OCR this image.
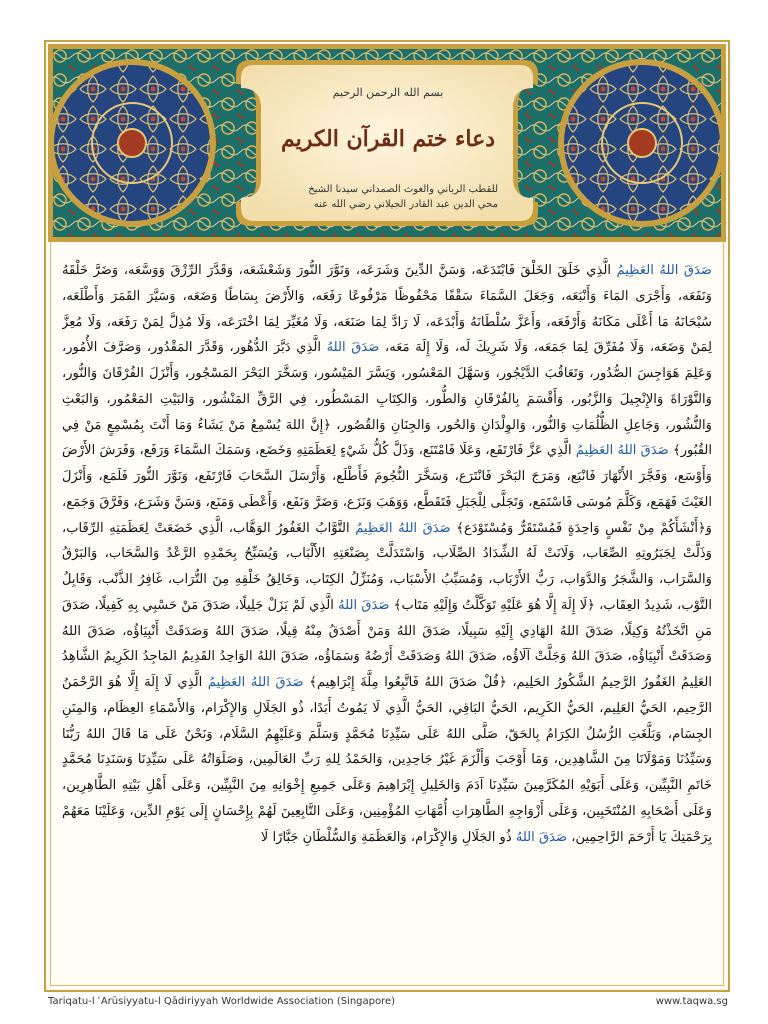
بسم الله الرحمن الرحيم
دعاء ختم القرآن الكريم
للقطب الرباني والغوث الصمداني سيدنا الشيخ
محي الدين عبد القادر الجيلاني رضي الله عنه
صَدَقَ اللهُ العَظِيمُ الَّذِي خَلَقَ الخَلْقَ فَابْتَدَعَه، وَسَنَّ الدِّينَ وَشَرَعَه، وَنَوَّرَ النُّورَ وَشَعْشَعَه، وَقَدَّرَ الرِّزْقَ وَوَسَّعَه، وَضَرَّ خَلْقَهُ وَنَفَعَه، وَأَجْرَى المَاءَ وَأَنْبَعَه، وَجَعَلَ السَّمَاءَ سَقْفًا مَحْفُوظًا مَرْفُوعًا رَفَعَه، وَالأَرْضَ بِسَاطًا وَضَعَه، وَسَيَّرَ القَمَرَ وَأَطْلَعَه، سُبْحَانَهُ مَا أَعْلَى مَكَانَهُ وَأَرْفَعَه، وَأَعَزَّ سُلْطَانَهُ وَأَبْدَعَه، لَا رَادَّ لِمَا صَنَعَه، وَلَا مُغَيِّرَ لِمَا اخْتَرَعَه، وَلَا مُذِلَّ لِمَنْ رَفَعَه، وَلَا مُعِزَّ لِمَنْ وَضَعَه، وَلَا مُفَرِّقَ لِمَا جَمَعَه، وَلَا شَرِيكَ لَه، وَلَا إِلَهَ مَعَه، صَدَقَ اللهُ الَّذِي دَبَّرَ الدُّهُور، وَقَدَّرَ المَقْدُور، وَصَرَّفَ الأُمُور، وَعَلِمَ هَوَاجِسَ الصُّدُور، وَتَعَاقُبَ الدَّيْجُور، وَسَهَّلَ المَعْسُور، وَيَسَّرَ المَيْسُور، وَسَخَّرَ البَحْرَ المَسْجُور، وَأَنْزَلَ الفُرْقَانَ وَالنُّور، وَالتَّوْرَاةَ وَالإِنْجِيلَ وَالزَّبُور، وَأَقْسَمَ بِالفُرْقَانِ وَالطُّور، وَالكِتَابِ المَسْطُور، فِي الرَّقِّ المَنْشُور، وَالبَيْتِ المَعْمُور، وَالبَعْثِ وَالنُّشُور، وَجَاعِلِ الظُّلُمَاتِ وَالنُّور، وَالوِلْدَانِ وَالحُور، وَالجِنَانِ وَالقُصُور، ﴿إِنَّ اللهَ يُسْمِعُ مَنْ يَشَاءُ وَمَا أَنْتَ بِمُسْمِعٍ مَنْ فِي القُبُور﴾ صَدَقَ اللهُ العَظِيمُ الَّذِي عَزَّ فَارْتَفَع، وَعَلَا فَامْتَنَع، وَذَلَّ كُلُّ شَيْءٍ لِعَظَمَتِهِ وَخَضَع، وَسَمَكَ السَّمَاءَ وَرَفَع، وَفَرَشَ الأَرْضَ وَأَوْسَع، وَفَجَّرَ الأَنْهَارَ فَانْبَع، وَمَرَجَ البَحْرَ فَانْتَرَع، وَسَخَّرَ النُّجُومَ فَأَطْلَع، وَأَرْسَلَ السَّحَابَ فَارْتَفَع، وَنَوَّرَ النُّورَ فَلَمَع، وَأَنْزَلَ الغَيْثَ فَهَمَع، وَكَلَّمَ مُوسَى فَاسْتَمَع، وَتَجَلَّى لِلْجَبَلِ فَتَقَطَّع، وَوَهَبَ وَنَزَع، وَضَرَّ وَنَفَع، وَأَعْطَى وَمَنَع، وَسَنَّ وَشَرَع، وَفَرَّقَ وَجَمَع، وَ﴿أَنْشَأَكُمْ مِنْ نَفْسٍ وَاحِدَةٍ فَمُسْتَقَرٌّ وَمُسْتَوْدَع﴾ صَدَقَ اللهُ العَظِيمُ التَّوَّابُ الغَفُورُ الوَهَّاب، الَّذِي خَضَعَتْ لِعَظَمَتِهِ الرِّقَاب، وَذَلَّتْ لِجَبَرُوتِهِ الصِّعَاب، وَلَانَتْ لَهُ الشِّدَادُ الصِّلَاب، وَاسْتَدَلَّتْ بِصَنْعَتِهِ الأَلْبَاب، وَيُسَبِّحُ بِحَمْدِهِ الرَّعْدُ وَالسَّحَاب، وَالبَرْقُ وَالسَّرَاب، وَالشَّجَرُ وَالدَّوَاب، رَبُّ الأَرْبَاب، وَمُسَبِّبُ الأَسْبَاب، وَمُنَزِّلُ الكِتَاب، وَخَالِقُ خَلْقِهِ مِنَ التُّرَاب، غَافِرُ الذَّنْب، وَقَابِلُ التَّوْب، شَدِيدُ العِقَاب، ﴿لَا إِلَهَ إِلَّا هُوَ عَلَيْهِ تَوَكَّلْتُ وَإِلَيْهِ مَتَاب﴾ صَدَقَ اللهُ الَّذِي لَمْ يَزَلْ جَلِيلًا، صَدَقَ مَنْ حَسْبِي بِهِ كَفِيلًا، صَدَقَ مَنِ اتَّخَذْتُهُ وَكِيلًا، صَدَقَ اللهُ الهَادِي إِلَيْهِ سَبِيلًا، صَدَقَ اللهُ وَمَنْ أَصْدَقُ مِنْهُ قِيلًا، صَدَقَ اللهُ وَصَدَقَتْ أَنْبِيَاؤُه، صَدَقَ اللهُ وَصَدَقَتْ أَنْبِيَاؤُه، صَدَقَ اللهُ وَجَلَّتْ آلَاؤُه، صَدَقَ اللهُ وَصَدَقَتْ أَرْضُهُ وَسَمَاؤُه، صَدَقَ اللهُ الوَاحِدُ القَدِيمُ المَاجِدُ الكَرِيمُ الشَّاهِدُ العَلِيمُ الغَفُورُ الرَّحِيمُ الشَّكُورُ الحَلِيم، ﴿قُلْ صَدَقَ اللهُ فَاتَّبِعُوا مِلَّةَ إِبْرَاهِيم﴾ صَدَقَ اللهُ العَظِيمُ الَّذِي لَا إِلَهَ إِلَّا هُوَ الرَّحْمَنُ الرَّحِيم، الحَيُّ العَلِيم، الحَيُّ الكَرِيم، الحَيُّ البَاقِي، الحَيُّ الَّذِي لَا يَمُوتُ أَبَدًا، ذُو الجَلَالِ وَالإِكْرَام، وَالأَسْمَاءِ العِظَام، وَالمِنَنِ الجِسَام، وَبَلَّغَتِ الرُّسُلُ الكِرَامُ بِالحَقّ، صَلَّى اللهُ عَلَى سَيِّدِنَا مُحَمَّدٍ وَسَلَّمَ وَعَلَيْهِمُ السَّلَام، وَنَحْنُ عَلَى مَا قَالَ اللهُ رَبُّنَا وَسَيِّدُنَا وَمَوْلَانَا مِنَ الشَّاهِدِين، وَمَا أَوْجَبَ وَأَلْزَمَ غَيْرُ جَاحِدِين، وَالحَمْدُ لِلهِ رَبِّ العَالَمِين، وَصَلَوَاتُهُ عَلَى سَيِّدِنَا وَسَنَدِنَا مُحَمَّدٍ خَاتَمِ النَّبِيِّين، وَعَلَى أَبَوَيْهِ المُكَرَّمِينَ سَيِّدِنَا آدَمَ وَالخَلِيلِ إِبْرَاهِيمَ وَعَلَى جَمِيعِ إِخْوَانِهِ مِنَ النَّبِيِّين، وَعَلَى أَهْلِ بَيْتِهِ الطَّاهِرِين، وَعَلَى أَصْحَابِهِ المُنْتَخَبِين، وَعَلَى أَزْوَاجِهِ الطَّاهِرَاتِ أُمَّهَاتِ المُؤْمِنِين، وَعَلَى التَّابِعِينَ لَهُمْ بِإِحْسَانٍ إِلَى يَوْمِ الدِّين، وَعَلَيْنَا مَعَهُمْ بِرَحْمَتِكَ يَا أَرْحَمَ الرَّاحِمِين، صَدَقَ اللهُ ذُو الجَلَالِ وَالإِكْرَام، وَالعَظَمَةِ وَالسُّلْطَانِ جَبَّارًا لَا
Tariqatu-l ʿArūsiyyatu-l Qādiriyyah Worldwide Association (Singapore)	www.taqwa.sg
